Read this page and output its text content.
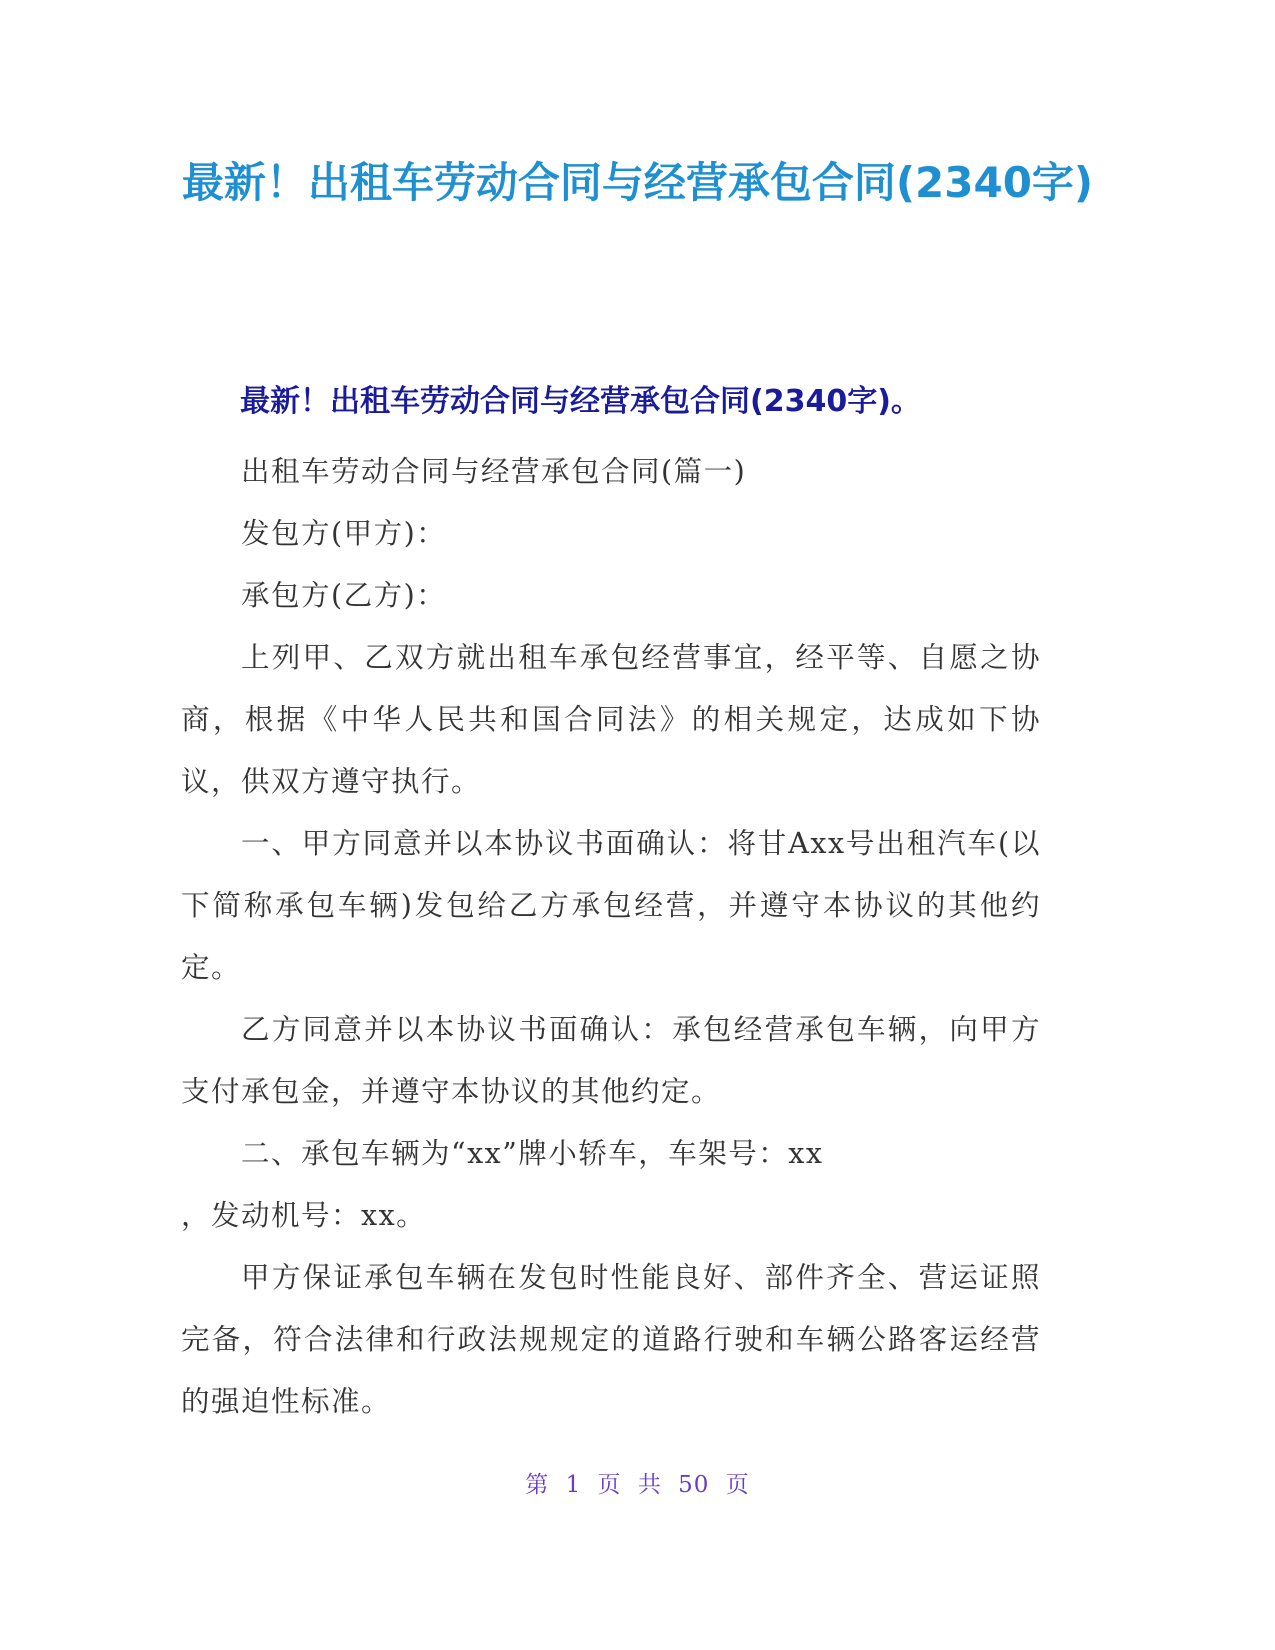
最新！出租车劳动合同与经营承包合同(2340字)
最新！出租车劳动合同与经营承包合同(2340字)。

出租车劳动合同与经营承包合同(篇一)

发包方(甲方)：

承包方(乙方)：

上列甲、乙双方就出租车承包经营事宜，经平等、自愿之协商，根据《中华人民共和国合同法》的相关规定，达成如下协议，供双方遵守执行。

一、甲方同意并以本协议书面确认：将甘Axx号出租汽车(以下简称承包车辆)发包给乙方承包经营，并遵守本协议的其他约定。

乙方同意并以本协议书面确认：承包经营承包车辆，向甲方支付承包金，并遵守本协议的其他约定。

二、承包车辆为“xx”牌小轿车，车架号：xx

，发动机号：xx。

甲方保证承包车辆在发包时性能良好、部件齐全、营运证照完备，符合法律和行政法规规定的道路行驶和车辆公路客运经营的强迫性标准。

第 1 页 共 50 页
